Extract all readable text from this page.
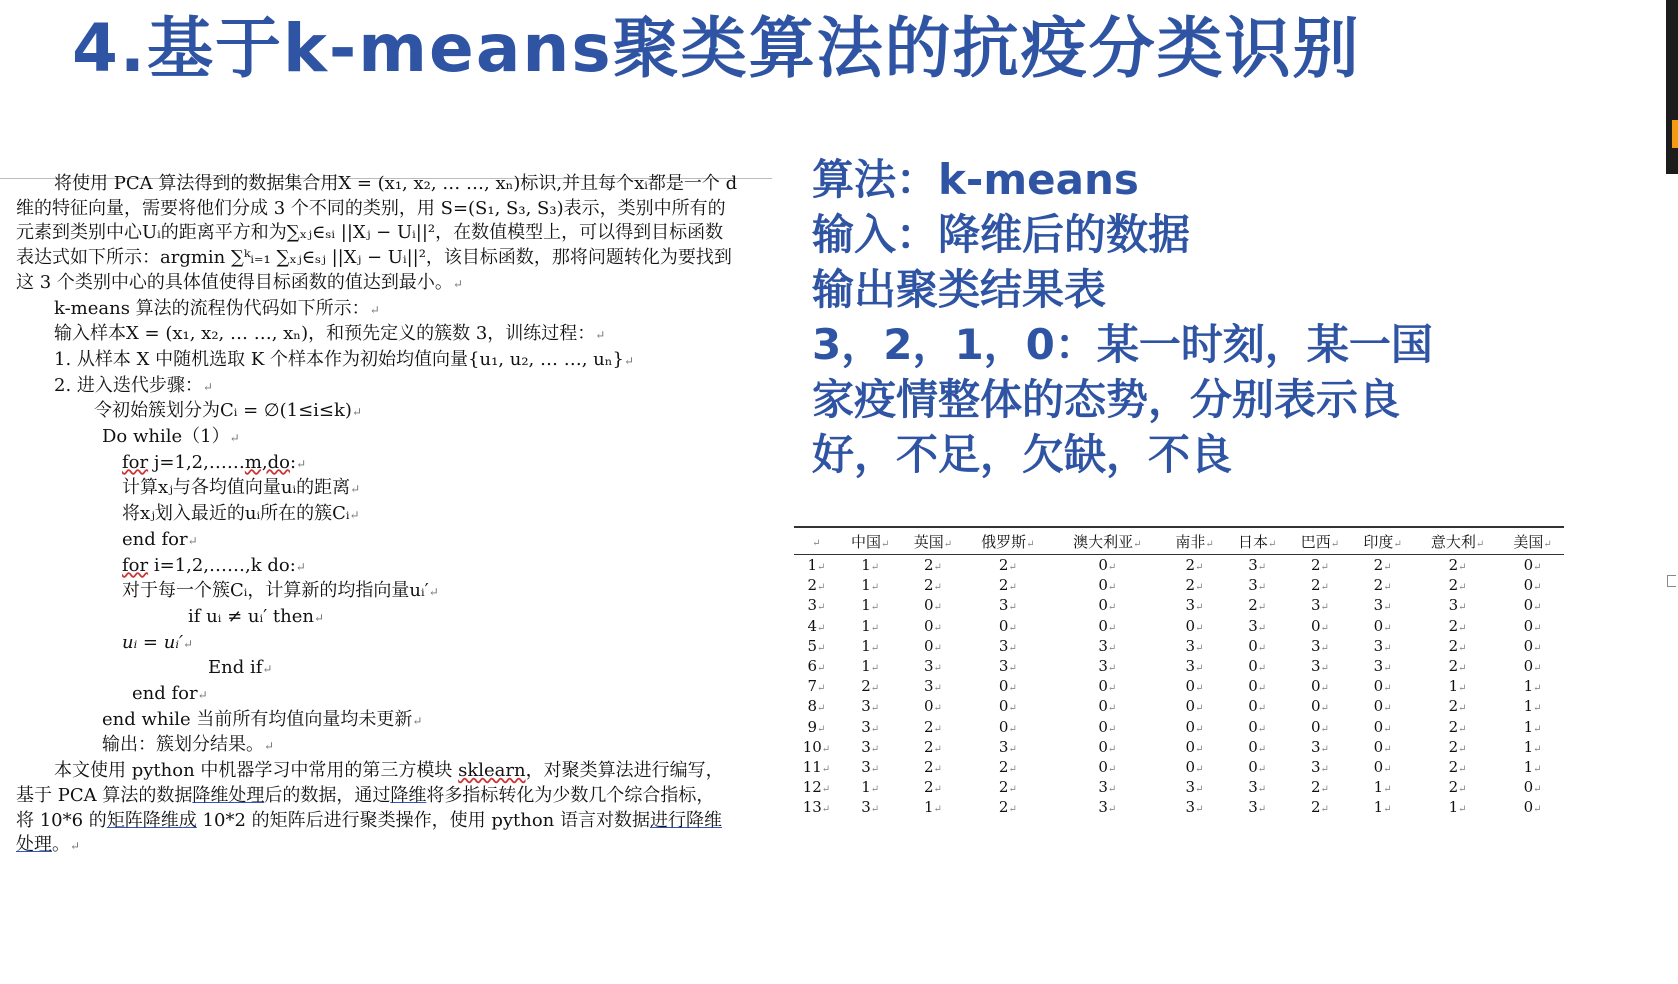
4.基于k-means聚类算法的抗疫分类识别

将使用 PCA 算法得到的数据集合用X = (x₁, x₂, … …, xₙ)标识,并且每个xᵢ都是一个 d

维的特征向量，需要将他们分成 3 个不同的类别，用 S=(S₁, S₃, S₃)表示，类别中所有的

元素到类别中心Uᵢ的距离平方和为∑ₓⱼ∈ₛᵢ ||Xⱼ − Uᵢ||²，在数值模型上，可以得到目标函数

表达式如下所示：argmin ∑ᵏᵢ₌₁ ∑ₓⱼ∈ₛⱼ ||Xⱼ − Uᵢ||²，该目标函数，那将问题转化为要找到

这 3 个类别中心的具体值使得目标函数的值达到最小。↵

k-means 算法的流程伪代码如下所示：↵

输入样本X = (x₁, x₂, … …, xₙ)，和预先定义的簇数 3，训练过程：↵

1. 从样本 X 中随机选取 K 个样本作为初始均值向量{u₁, u₂, … …, uₙ}↵

2. 进入迭代步骤：↵

令初始簇划分为Cᵢ = ∅(1≤i≤k)↵

Do while（1）↵

for j=1,2,……m,do:↵

计算xⱼ与各均值向量uᵢ的距离↵

将xⱼ划入最近的uᵢ所在的簇Cᵢ↵

end for↵

for i=1,2,……,k do:↵

对于每一个簇Cᵢ，计算新的均指向量uᵢ′↵

if uᵢ ≠ uᵢ′ then↵

uᵢ = uᵢ′↵

End if↵

end for↵

end while 当前所有均值向量均未更新↵

输出：簇划分结果。↵

本文使用 python 中机器学习中常用的第三方模块 sklearn，对聚类算法进行编写，

基于 PCA 算法的数据降维处理后的数据，通过降维将多指标转化为少数几个综合指标，

将 10*6 的矩阵降维成 10*2 的矩阵后进行聚类操作，使用 python 语言对数据进行降维

处理。↵

算法：k-means

输入：降维后的数据

输出聚类结果表

3，2，1，0：某一时刻，某一国

家疫情整体的态势，分别表示良

好，不足，欠缺，不良

↵	中国↵	英国↵	俄罗斯↵	澳大利亚↵	南非↵	日本↵	巴西↵	印度↵	意大利↵	美国↵
1↵	1↵	2↵	2↵	0↵	2↵	3↵	2↵	2↵	2↵	0↵
2↵	1↵	2↵	2↵	0↵	2↵	3↵	2↵	2↵	2↵	0↵
3↵	1↵	0↵	3↵	0↵	3↵	2↵	3↵	3↵	3↵	0↵
4↵	1↵	0↵	0↵	0↵	0↵	3↵	0↵	0↵	2↵	0↵
5↵	1↵	0↵	3↵	3↵	3↵	0↵	3↵	3↵	2↵	0↵
6↵	1↵	3↵	3↵	3↵	3↵	0↵	3↵	3↵	2↵	0↵
7↵	2↵	3↵	0↵	0↵	0↵	0↵	0↵	0↵	1↵	1↵
8↵	3↵	0↵	0↵	0↵	0↵	0↵	0↵	0↵	2↵	1↵
9↵	3↵	2↵	0↵	0↵	0↵	0↵	0↵	0↵	2↵	1↵
10↵	3↵	2↵	3↵	0↵	0↵	0↵	3↵	0↵	2↵	1↵
11↵	3↵	2↵	2↵	0↵	0↵	0↵	3↵	0↵	2↵	1↵
12↵	1↵	2↵	2↵	3↵	3↵	3↵	2↵	1↵	2↵	0↵
13↵	3↵	1↵	2↵	3↵	3↵	3↵	2↵	1↵	1↵	0↵
